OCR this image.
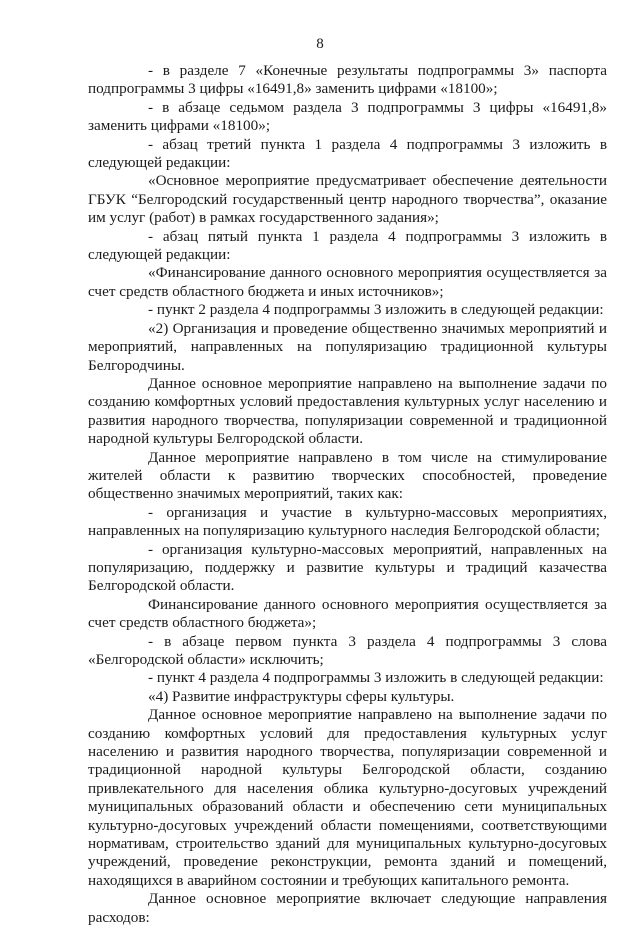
8

- в разделе 7 «Конечные результаты подпрограммы 3» паспорта подпрограммы 3 цифры «16491,8» заменить цифрами «18100»;

- в абзаце седьмом раздела 3 подпрограммы 3 цифры «16491,8» заменить цифрами «18100»;

- абзац третий пункта 1 раздела 4 подпрограммы 3 изложить в следующей редакции:

«Основное мероприятие предусматривает обеспечение деятельности ГБУК “Белгородский государственный центр народного творчества”, оказание им услуг (работ) в рамках государственного задания»;

- абзац пятый пункта 1 раздела 4 подпрограммы 3 изложить в следующей редакции:

«Финансирование данного основного мероприятия осуществляется за счет средств областного бюджета и иных источников»;

- пункт 2 раздела 4 подпрограммы 3 изложить в следующей редакции:

«2) Организация и проведение общественно значимых мероприятий и мероприятий, направленных на популяризацию традиционной культуры Белгородчины.

Данное основное мероприятие направлено на выполнение задачи по созданию комфортных условий предоставления культурных услуг населению и развития народного творчества, популяризации современной и традиционной народной культуры Белгородской области.

Данное мероприятие направлено в том числе на стимулирование жителей области к развитию творческих способностей, проведение общественно значимых мероприятий, таких как:

- организация и участие в культурно-массовых мероприятиях, направленных на популяризацию культурного наследия Белгородской области;

- организация культурно-массовых мероприятий, направленных на популяризацию, поддержку и развитие культуры и традиций казачества Белгородской области.

Финансирование данного основного мероприятия осуществляется за счет средств областного бюджета»;

- в абзаце первом пункта 3 раздела 4 подпрограммы 3 слова «Белгородской области» исключить;

- пункт 4 раздела 4 подпрограммы 3 изложить в следующей редакции:

«4) Развитие инфраструктуры сферы культуры.

Данное основное мероприятие направлено на выполнение задачи по созданию комфортных условий для предоставления культурных услуг населению и развития народного творчества, популяризации современной и традиционной народной культуры Белгородской области, созданию привлекательного для населения облика культурно-досуговых учреждений муниципальных образований области и обеспечению сети муниципальных культурно-досуговых учреждений области помещениями, соответствующими нормативам, строительство зданий для муниципальных культурно-досуговых учреждений, проведение реконструкции, ремонта зданий и помещений, находящихся в аварийном состоянии и требующих капитального ремонта.

Данное основное мероприятие включает следующие направления расходов:
